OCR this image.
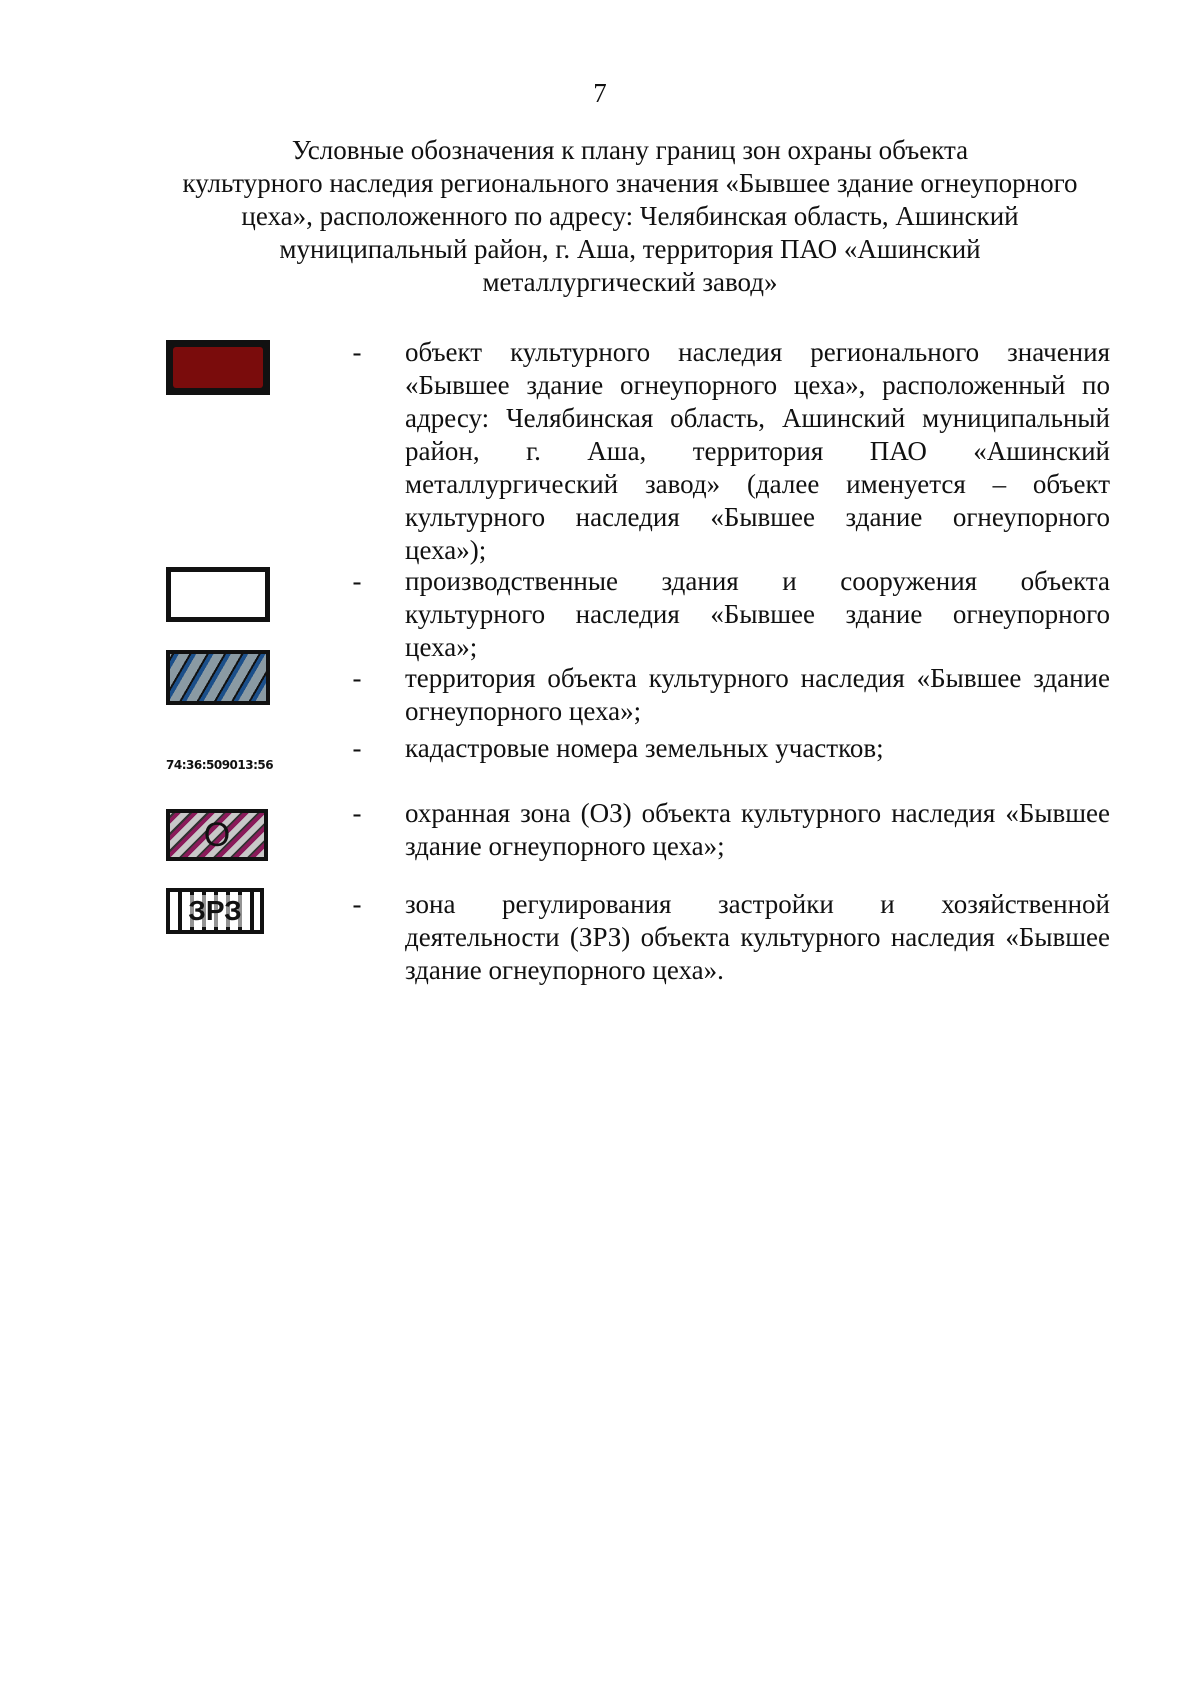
7
Условные обозначения к плану границ зон охраны объекта
культурного наследия регионального значения «Бывшее здание огнеупорного
цеха», расположенного по адресу: Челябинская область, Ашинский
муниципальный район, г. Аша, территория ПАО «Ашинский
металлургический завод»
- объект культурного наследия регионального значения
«Бывшее здание огнеупорного цеха», расположенный по
адресу: Челябинская область, Ашинский муниципальный
район, г. Аша, территория ПАО «Ашинский
металлургический завод» (далее именуется – объект
культурного наследия «Бывшее здание огнеупорного
цеха»);
- производственные здания и сооружения объекта
культурного наследия «Бывшее здание огнеупорного
цеха»;
- территория объекта культурного наследия «Бывшее здание
огнеупорного цеха»;
74:36:509013:56
- кадастровые номера земельных участков;
О
- охранная зона (ОЗ) объекта культурного наследия «Бывшее
здание огнеупорного цеха»;
ЗРЗ	- зона регулирования застройки и хозяйственной
деятельности (ЗРЗ) объекта культурного наследия «Бывшее
здание огнеупорного цеха».
